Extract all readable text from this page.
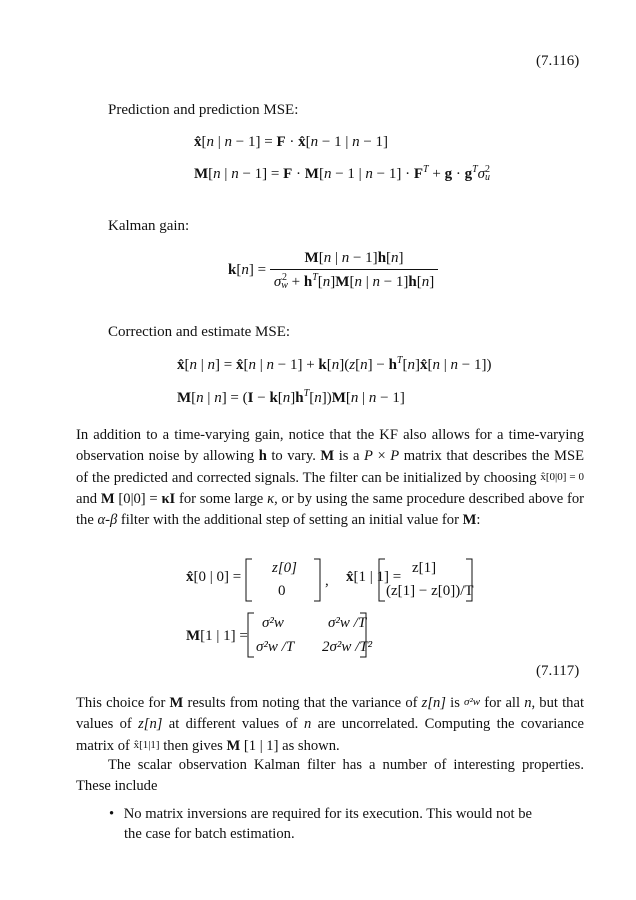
(7.116)
Prediction and prediction MSE:
x̂[n | n − 1] = F · x̂[n − 1 | n − 1]
M[n | n − 1] = F · M[n − 1 | $n - 1] \cdot F^T + g \cdot g^T\sigma$ 2
u
Kalman gain:
k[n] = M[n | n − 1]h[n]
σ 2
$w + h^T[n]M[n$ | n − 1]h[n]
Correction and estimate MSE:
x̂[n | n] = x̂[n | $n - 1] + k[n](z[n] - h^T[n]x̂[n$ | n − 1])
M[n | $n] = (I - k[n]h^T[n])M[n$ | n − 1]

In addition to a time-varying gain, notice that the KF also allows for a time-varying observation noise by allowing h to vary. M is a P × P matrix that describes the MSE of the predicted and corrected signals. The filter can be initialized by choosing x̂[0|0] = 0 and M [0|0] = κI for some large κ, or by using the same procedure described above for the α-β filter with the additional step of setting an initial value for M:

x̂[0 | 0] =
z[0]
0
, x̂[1 | 1] =
z[1]
(z[1] − z[0])/T
M[1 | 1] =
σ²w	σ²w /T
σ²w /T 2σ²w /T²
(7.117)

This choice for M results from noting that the variance of z[n] is σ²w for all n, but that values of z[n] at different values of n are uncorrelated. Computing the covariance matrix of x̂[1|1] then gives M [1 | 1] as shown.

The scalar observation Kalman filter has a number of interesting properties. These include

• No matrix inversions are required for its execution. This would not be
the case for batch estimation.
